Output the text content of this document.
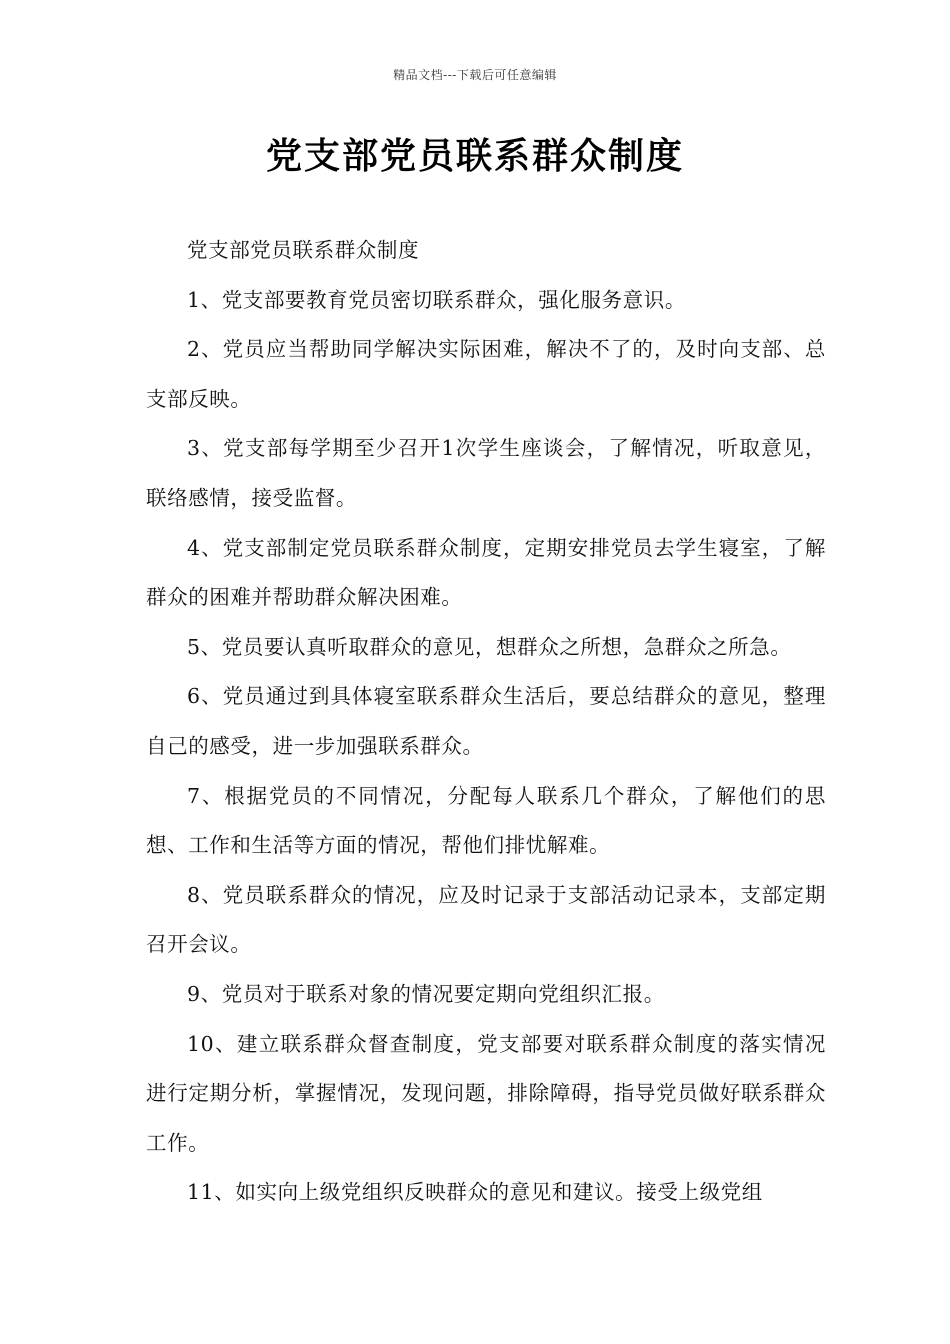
精品文档---下载后可任意编辑
党支部党员联系群众制度

党支部党员联系群众制度

1、党支部要教育党员密切联系群众，强化服务意识。

2、党员应当帮助同学解决实际困难，解决不了的，及时向支部、总支部反映。

3、党支部每学期至少召开1次学生座谈会，了解情况，听取意见，联络感情，接受监督。

4、党支部制定党员联系群众制度，定期安排党员去学生寝室，了解群众的困难并帮助群众解决困难。

5、党员要认真听取群众的意见，想群众之所想，急群众之所急。

6、党员通过到具体寝室联系群众生活后，要总结群众的意见，整理自己的感受，进一步加强联系群众。

7、根据党员的不同情况，分配每人联系几个群众，了解他们的思想、工作和生活等方面的情况，帮他们排忧解难。

8、党员联系群众的情况，应及时记录于支部活动记录本，支部定期召开会议。

9、党员对于联系对象的情况要定期向党组织汇报。

10、建立联系群众督查制度，党支部要对联系群众制度的落实情况进行定期分析，掌握情况，发现问题，排除障碍，指导党员做好联系群众工作。

11、如实向上级党组织反映群众的意见和建议。接受上级党组
